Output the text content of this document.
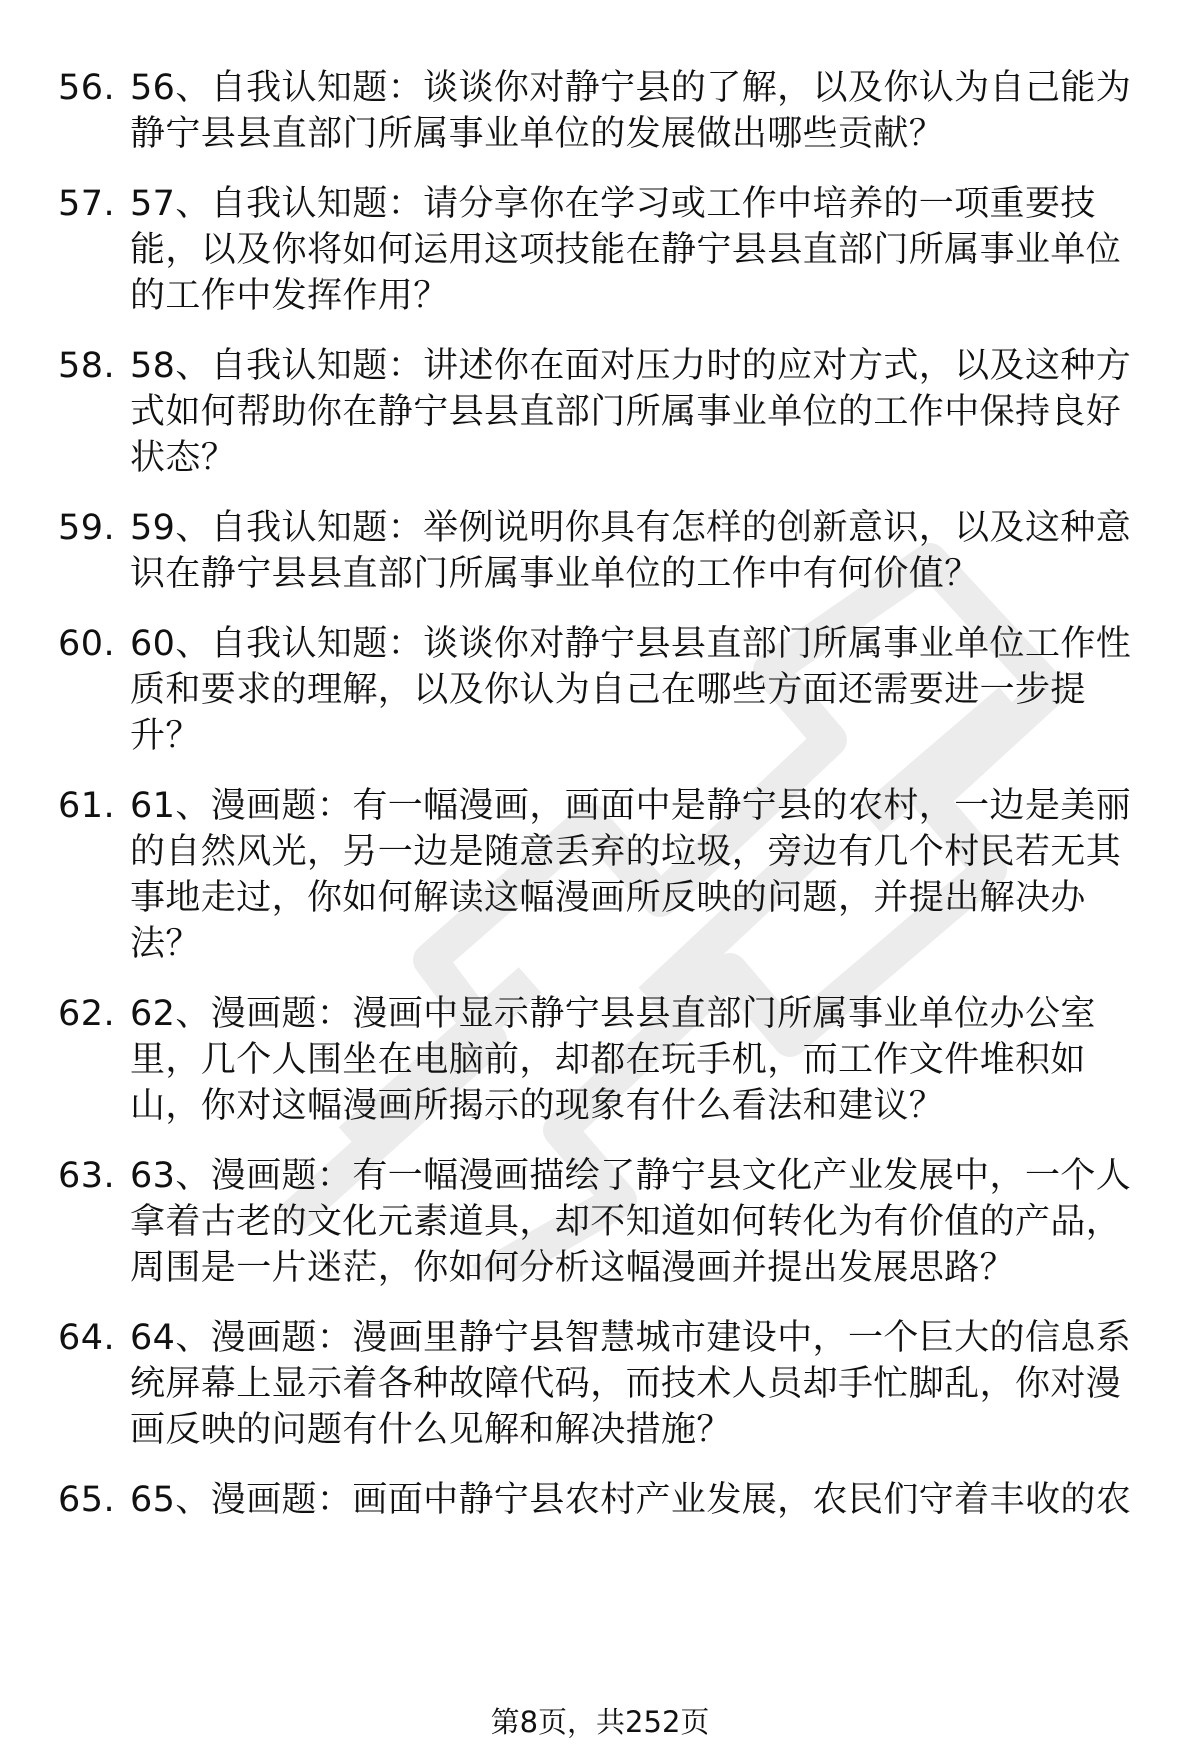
56. 56、自我认知题：谈谈你对静宁县的了解，以及你认为自己能为
静宁县县直部门所属事业单位的发展做出哪些贡献？
57. 57、自我认知题：请分享你在学习或工作中培养的一项重要技
能，以及你将如何运用这项技能在静宁县县直部门所属事业单位
的工作中发挥作用？
58. 58、自我认知题：讲述你在面对压力时的应对方式，以及这种方
式如何帮助你在静宁县县直部门所属事业单位的工作中保持良好
状态？
59. 59、自我认知题：举例说明你具有怎样的创新意识，以及这种意
识在静宁县县直部门所属事业单位的工作中有何价值？
60. 60、自我认知题：谈谈你对静宁县县直部门所属事业单位工作性
质和要求的理解，以及你认为自己在哪些方面还需要进一步提
升？
61. 61、漫画题：有一幅漫画，画面中是静宁县的农村，一边是美丽
的自然风光，另一边是随意丢弃的垃圾，旁边有几个村民若无其
事地走过，你如何解读这幅漫画所反映的问题，并提出解决办
法？
62. 62、漫画题：漫画中显示静宁县县直部门所属事业单位办公室
里，几个人围坐在电脑前，却都在玩手机，而工作文件堆积如
山，你对这幅漫画所揭示的现象有什么看法和建议？
63. 63、漫画题：有一幅漫画描绘了静宁县文化产业发展中，一个人
拿着古老的文化元素道具，却不知道如何转化为有价值的产品，
周围是一片迷茫，你如何分析这幅漫画并提出发展思路？
64. 64、漫画题：漫画里静宁县智慧城市建设中，一个巨大的信息系
统屏幕上显示着各种故障代码，而技术人员却手忙脚乱，你对漫
画反映的问题有什么见解和解决措施？
65. 65、漫画题：画面中静宁县农村产业发展，农民们守着丰收的农
第8页，共252页
